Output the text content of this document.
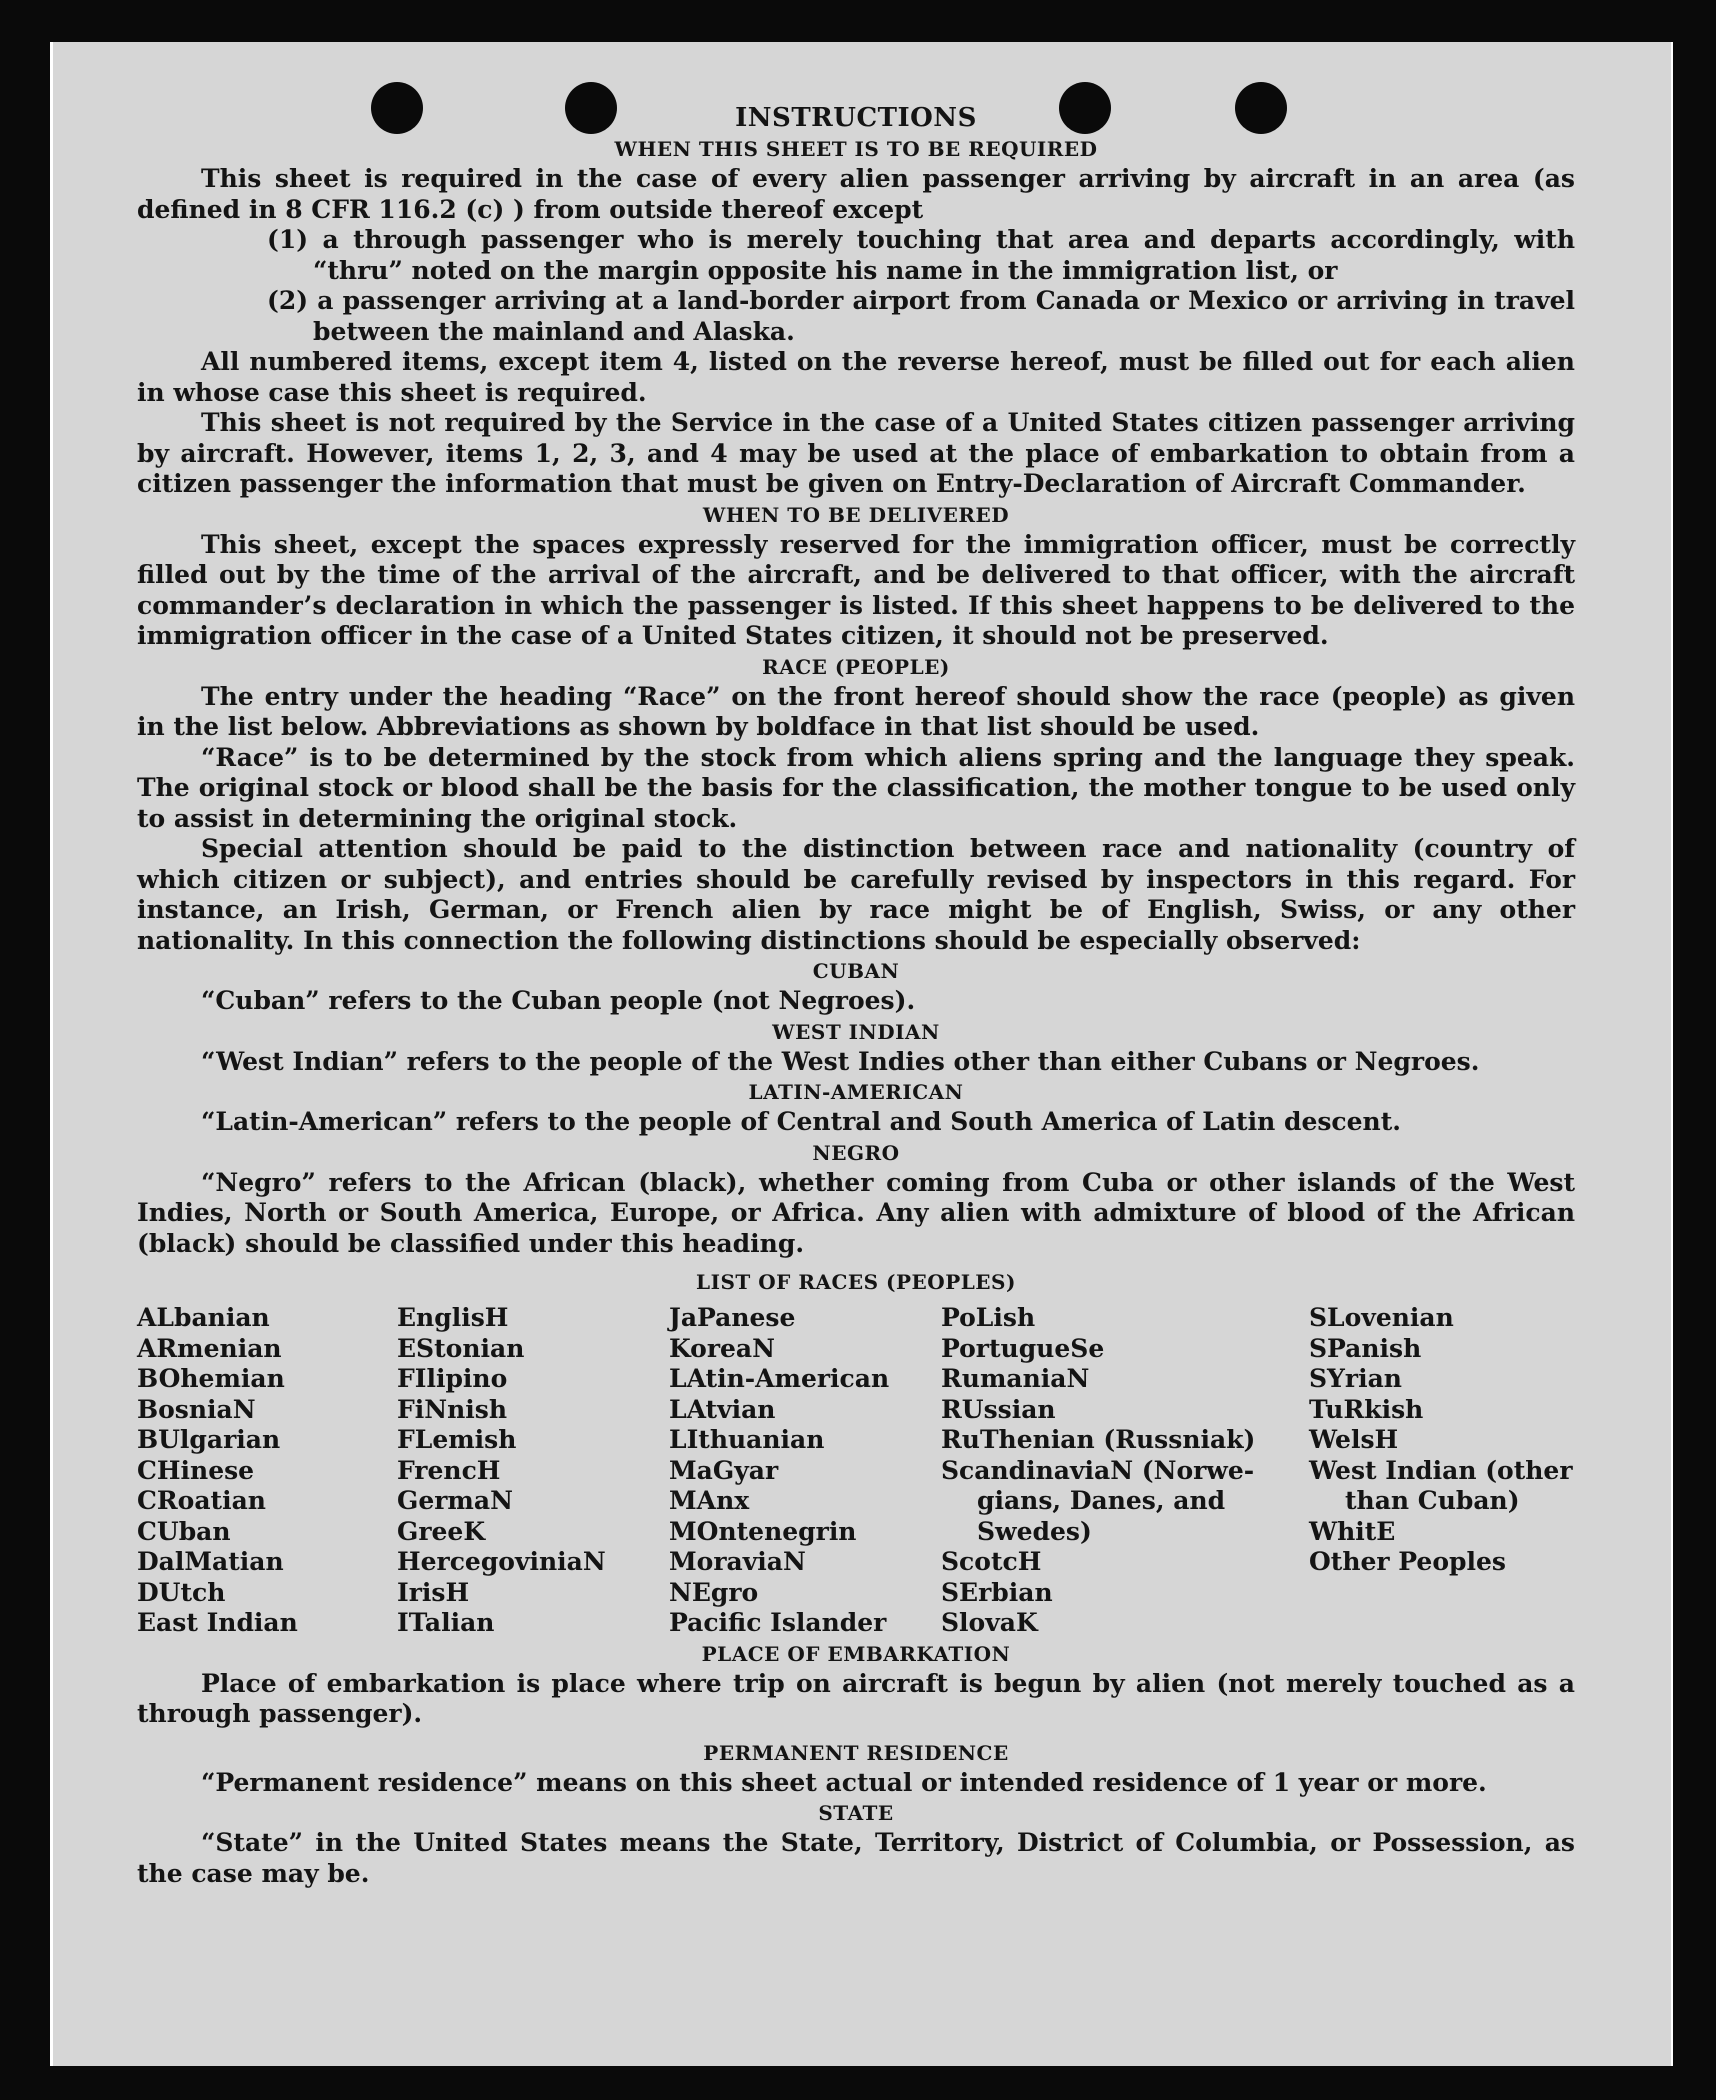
INSTRUCTIONS
WHEN THIS SHEET IS TO BE REQUIRED

This sheet is required in the case of every alien passenger arriving by aircraft in an area (as defined in 8 CFR 116.2 (c) ) from outside thereof except

(1) a through passenger who is merely touching that area and departs accordingly, with “thru” noted on the margin opposite his name in the immigration list, or

(2) a passenger arriving at a land-border airport from Canada or Mexico or arriving in travel between the mainland and Alaska.

All numbered items, except item 4, listed on the reverse hereof, must be filled out for each alien in whose case this sheet is required.

This sheet is not required by the Service in the case of a United States citizen passenger arriving by aircraft. However, items 1, 2, 3, and 4 may be used at the place of embarkation to obtain from a citizen passenger the information that must be given on Entry-Declaration of Aircraft Commander.

WHEN TO BE DELIVERED

This sheet, except the spaces expressly reserved for the immigration officer, must be correctly filled out by the time of the arrival of the aircraft, and be delivered to that officer, with the aircraft commander’s declaration in which the passenger is listed. If this sheet happens to be delivered to the immigration officer in the case of a United States citizen, it should not be preserved.

RACE (PEOPLE)

The entry under the heading “Race” on the front hereof should show the race (people) as given in the list below. Abbreviations as shown by boldface in that list should be used.

“Race” is to be determined by the stock from which aliens spring and the language they speak. The original stock or blood shall be the basis for the classification, the mother tongue to be used only to assist in determining the original stock.

Special attention should be paid to the distinction between race and nationality (country of which citizen or subject), and entries should be carefully revised by inspectors in this regard. For instance, an Irish, German, or French alien by race might be of English, Swiss, or any other nationality. In this connection the following distinctions should be especially observed:

CUBAN

“Cuban” refers to the Cuban people (not Negroes).

WEST INDIAN

“West Indian” refers to the people of the West Indies other than either Cubans or Negroes.

LATIN-AMERICAN

“Latin-American” refers to the people of Central and South America of Latin descent.

NEGRO

“Negro” refers to the African (black), whether coming from Cuba or other islands of the West Indies, North or South America, Europe, or Africa. Any alien with admixture of blood of the African (black) should be classified under this heading.

LIST OF RACES (PEOPLES)
ALbanian
ARmenian
BOhemian
BosniaN
BUlgarian
CHinese
CRoatian
CUban
DalMatian
DUtch
East Indian
EnglisH
EStonian
FIlipino
FiNnish
FLemish
FrencH
GermaN
GreeK
HercegoviniaN
IrisH
ITalian
JaPanese
KoreaN
LAtin-American
LAtvian
LIthuanian
MaGyar
MAnx
MOntenegrin
MoraviaN
NEgro
Pacific Islander
PoLish
PortugueSe
RumaniaN
RUssian
RuThenian (Russniak)
ScandinaviaN (Norwe-
gians, Danes, and
Swedes)
ScotcH
SErbian
SlovaK
SLovenian
SPanish
SYrian
TuRkish
WelsH
West Indian (other
than Cuban)
WhitE
Other Peoples
PLACE OF EMBARKATION

Place of embarkation is place where trip on aircraft is begun by alien (not merely touched as a through passenger).

PERMANENT RESIDENCE

“Permanent residence” means on this sheet actual or intended residence of 1 year or more.

STATE

“State” in the United States means the State, Territory, District of Columbia, or Possession, as the case may be.
